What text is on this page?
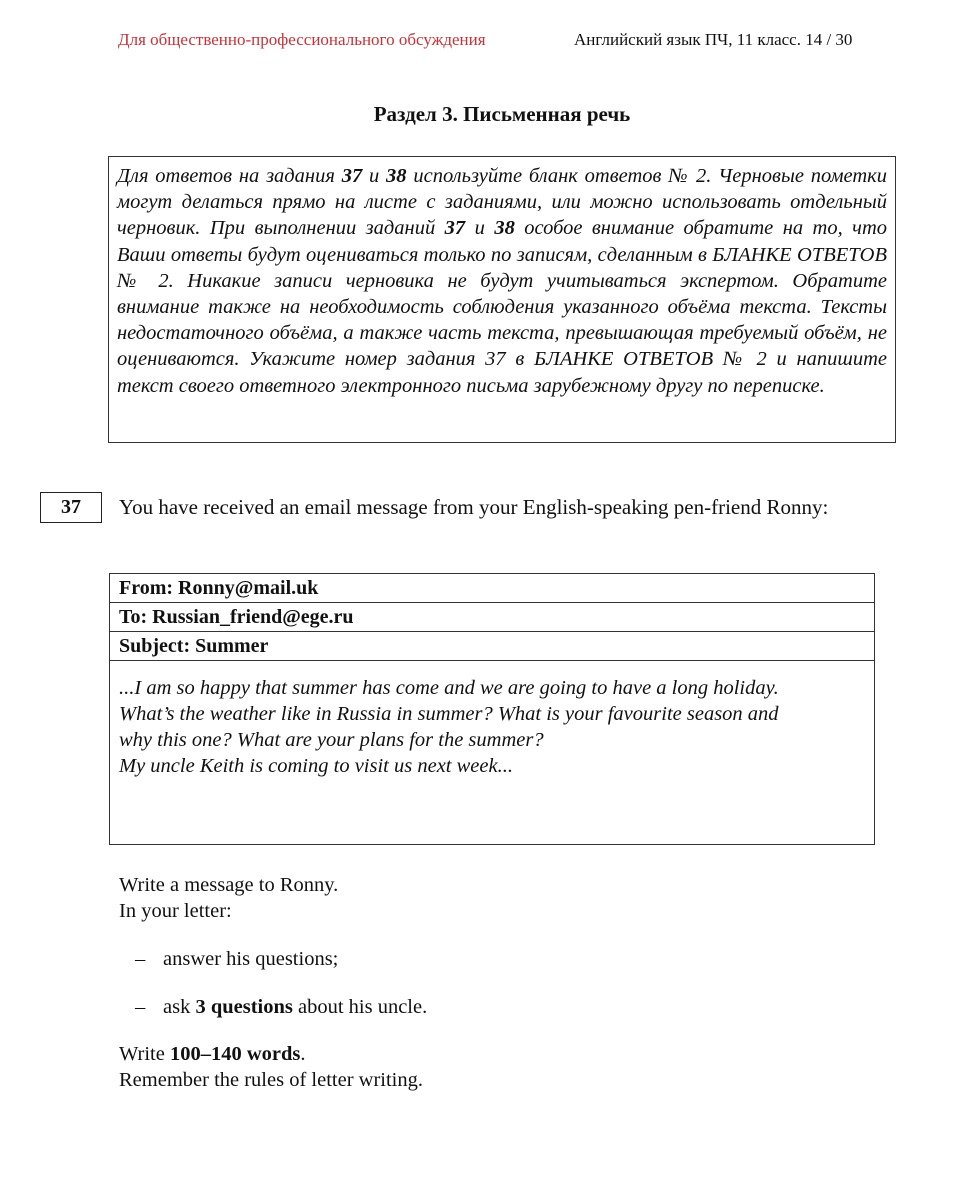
Для общественно-профессионального обсуждения	Английский язык ПЧ, 11 класс. 14 / 30
Раздел 3. Письменная речь

Для ответов на задания 37 и 38 используйте бланк ответов № 2. Черновые пометки могут делаться прямо на листе с заданиями, или можно использовать отдельный черновик. При выполнении заданий 37 и 38 особое внимание обратите на то, что Ваши ответы будут оцениваться только по записям, сделанным в БЛАНКЕ ОТВЕТОВ № 2. Никакие записи черновика не будут учитываться экспертом. Обратите внимание также на необходимость соблюдения указанного объёма текста. Тексты недостаточного объёма, а также часть текста, превышающая требуемый объём, не оцениваются. Укажите номер задания 37 в БЛАНКЕ ОТВЕТОВ № 2 и напишите текст своего ответного электронного письма зарубежному другу по переписке.

37	You have received an email message from your English-speaking pen-friend Ronny:
From: Ronny@mail.uk
To: Russian_friend@ege.ru
Subject: Summer
...I am so happy that summer has come and we are going to have a long holiday.
What’s the weather like in Russia in summer? What is your favourite season and
why this one? What are your plans for the summer?
My uncle Keith is coming to visit us next week...
Write a message to Ronny.
In your letter:
– answer his questions;
– ask 3 questions about his uncle.
Write 100–140 words.
Remember the rules of letter writing.
